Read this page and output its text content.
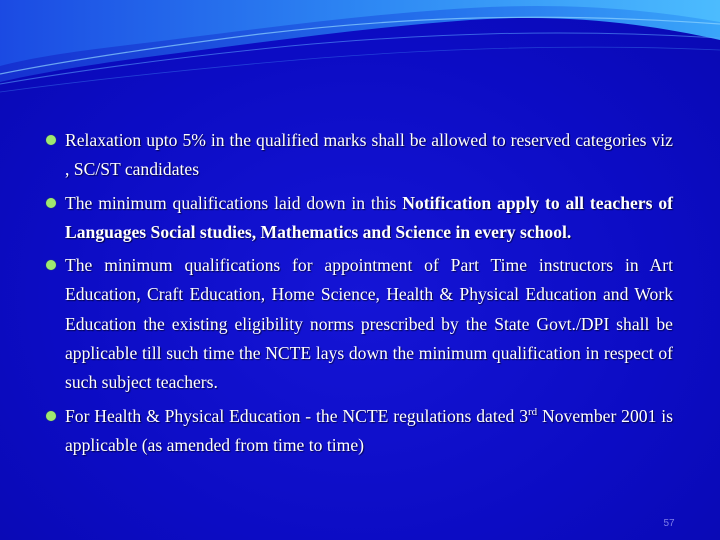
Relaxation upto 5% in the qualified marks shall be allowed to reserved categories viz , SC/ST candidates
The minimum qualifications laid down in this Notification apply to all teachers of Languages Social studies, Mathematics and Science in every school.
The minimum qualifications for appointment of Part Time instructors in Art Education, Craft Education, Home Science, Health & Physical Education and Work Education the existing eligibility norms prescribed by the State Govt./DPI shall be applicable till such time the NCTE lays down the minimum qualification in respect of such subject teachers.
For Health & Physical Education - the NCTE regulations dated 3rd November 2001 is applicable (as amended from time to time)
57
